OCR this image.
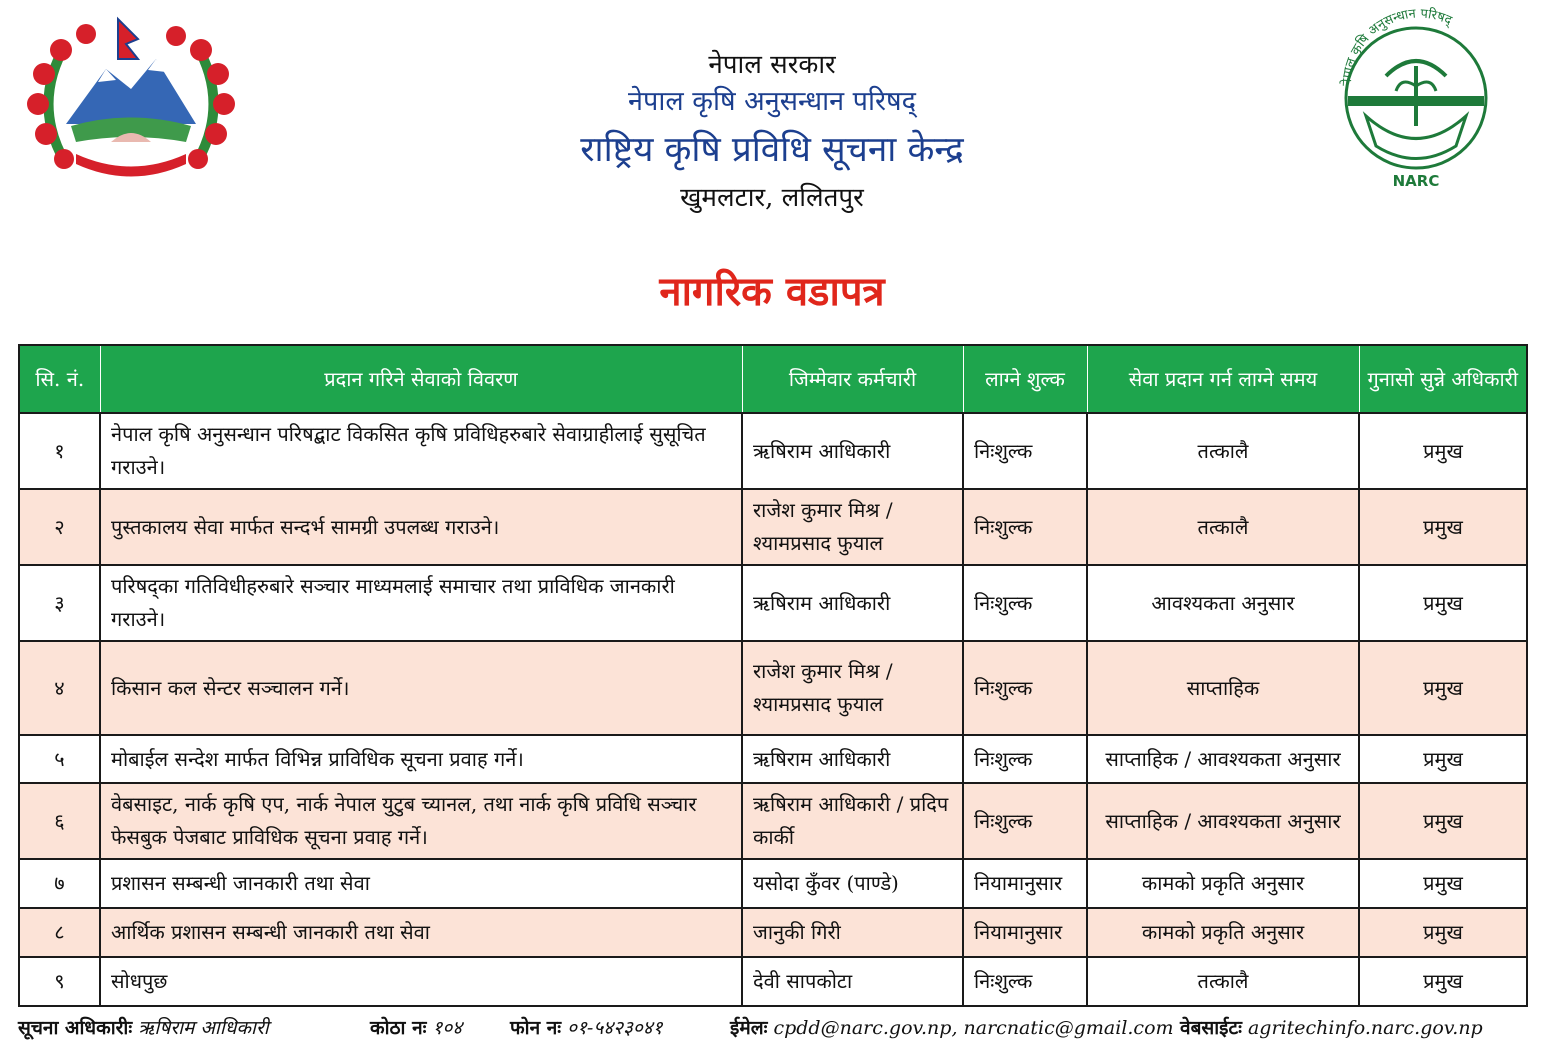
नेपाल कृषि अनुसन्धान परिषद्
NARC
नेपाल सरकार
नेपाल कृषि अनुसन्धान परिषद्
राष्ट्रिय कृषि प्रविधि सूचना केन्द्र
खुमलटार, ललितपुर
नागरिक वडापत्र
सि. नं.	प्रदान गरिने सेवाको विवरण	जिम्मेवार कर्मचारी	लाग्ने शुल्क	सेवा प्रदान गर्न लाग्ने समय	गुनासो सुन्ने अधिकारी
१	नेपाल कृषि अनुसन्धान परिषद्बाट विकसित कृषि प्रविधिहरुबारे सेवाग्राहीलाई सुसूचित गराउने।	ऋषिराम आधिकारी	निःशुल्क	तत्कालै	प्रमुख
२	पुस्तकालय सेवा मार्फत सन्दर्भ सामग्री उपलब्ध गराउने।	राजेश कुमार मिश्र / श्यामप्रसाद फुयाल	निःशुल्क	तत्कालै	प्रमुख
३	परिषद्का गतिविधीहरुबारे सञ्चार माध्यमलाई समाचार तथा प्राविधिक जानकारी गराउने।	ऋषिराम आधिकारी	निःशुल्क	आवश्यकता अनुसार	प्रमुख
४	किसान कल सेन्टर सञ्चालन गर्ने।	राजेश कुमार मिश्र / श्यामप्रसाद फुयाल	निःशुल्क	साप्ताहिक	प्रमुख
५	मोबाईल सन्देश मार्फत विभिन्न प्राविधिक सूचना प्रवाह गर्ने।	ऋषिराम आधिकारी	निःशुल्क	साप्ताहिक / आवश्यकता अनुसार	प्रमुख
६	वेबसाइट, नार्क कृषि एप, नार्क नेपाल युटुब च्यानल, तथा नार्क कृषि प्रविधि सञ्चार फेसबुक पेजबाट प्राविधिक सूचना प्रवाह गर्ने।	ऋषिराम आधिकारी / प्रदिप कार्की	निःशुल्क	साप्ताहिक / आवश्यकता अनुसार	प्रमुख
७	प्रशासन सम्बन्धी जानकारी तथा सेवा	यसोदा कुँवर (पाण्डे)	नियामानुसार	कामको प्रकृति अनुसार	प्रमुख
८	आर्थिक प्रशासन सम्बन्धी जानकारी तथा सेवा	जानुकी गिरी	नियामानुसार	कामको प्रकृति अनुसार	प्रमुख
९	सोधपुछ	देवी सापकोटा	निःशुल्क	तत्कालै	प्रमुख
सूचना अधिकारीः ऋषिराम आधिकारी	कोठा नः १०४	फोन नः ०१-५४२३०४१	ईमेलः cpdd@narc.gov.np, narcnatic@gmail.com वेबसाईटः agritechinfo.narc.gov.np
